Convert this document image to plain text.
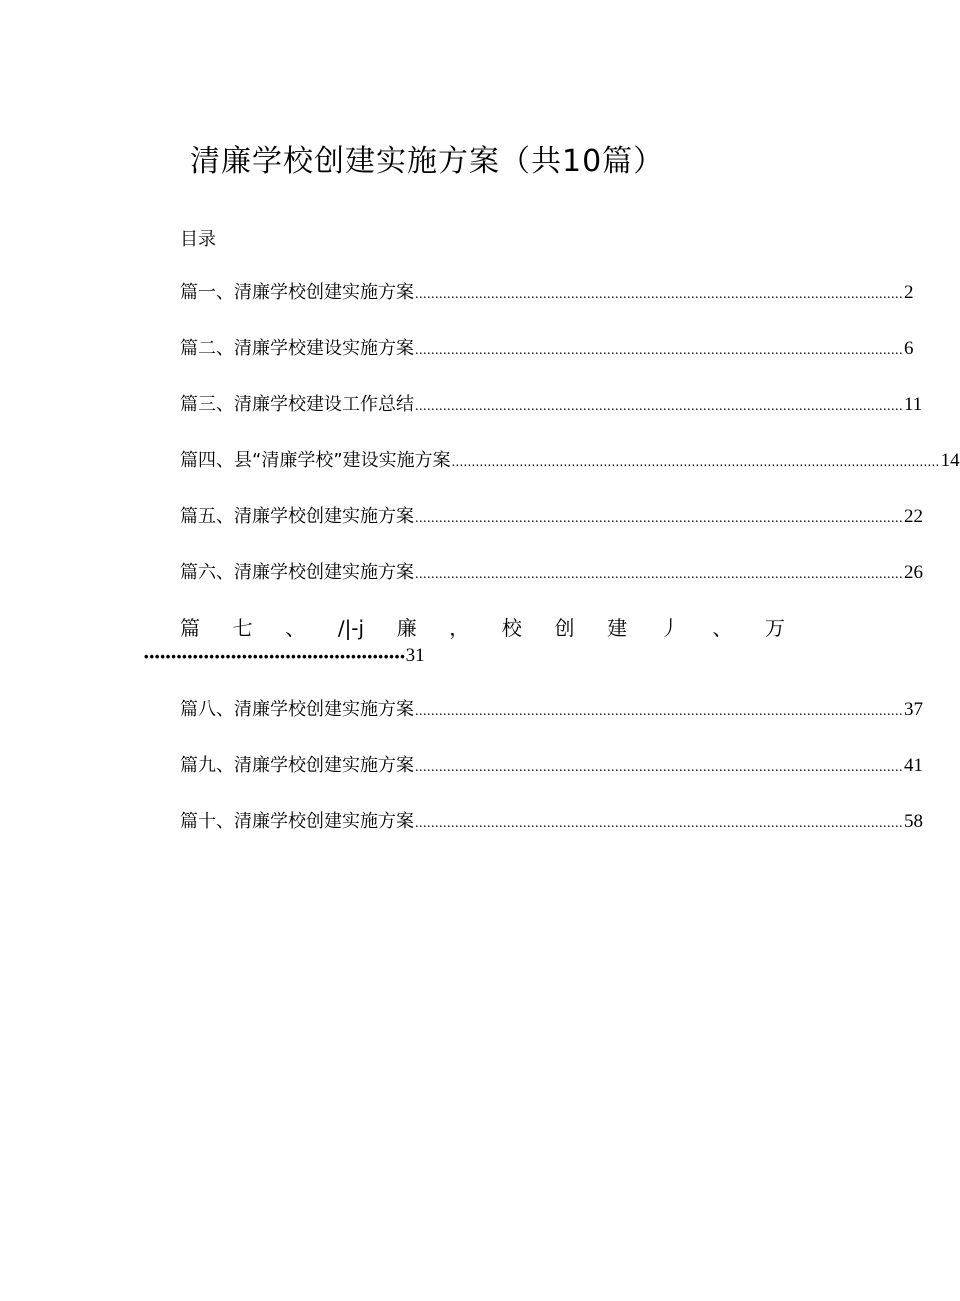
清廉学校创建实施方案（共10篇）
目录
篇一、清廉学校创建实施方案 .......................................................................................................................... 2
篇二、清廉学校建设实施方案 .......................................................................................................................... 6
篇三、清廉学校建设工作总结 .......................................................................................................................... 11
篇四、县“清廉学校”建设实施方案 .......................................................................................................................... 14
篇五、清廉学校创建实施方案 .......................................................................................................................... 22
篇六、清廉学校创建实施方案 .......................................................................................................................... 26
篇 七 、 ∕|-j 廉 ， 校 创 建 丿 、 万
•••••••••••••••••••••••••••••••••••••••••••••••• 31
篇八、清廉学校创建实施方案 .......................................................................................................................... 37
篇九、清廉学校创建实施方案 .......................................................................................................................... 41
篇十、清廉学校创建实施方案 .......................................................................................................................... 58
